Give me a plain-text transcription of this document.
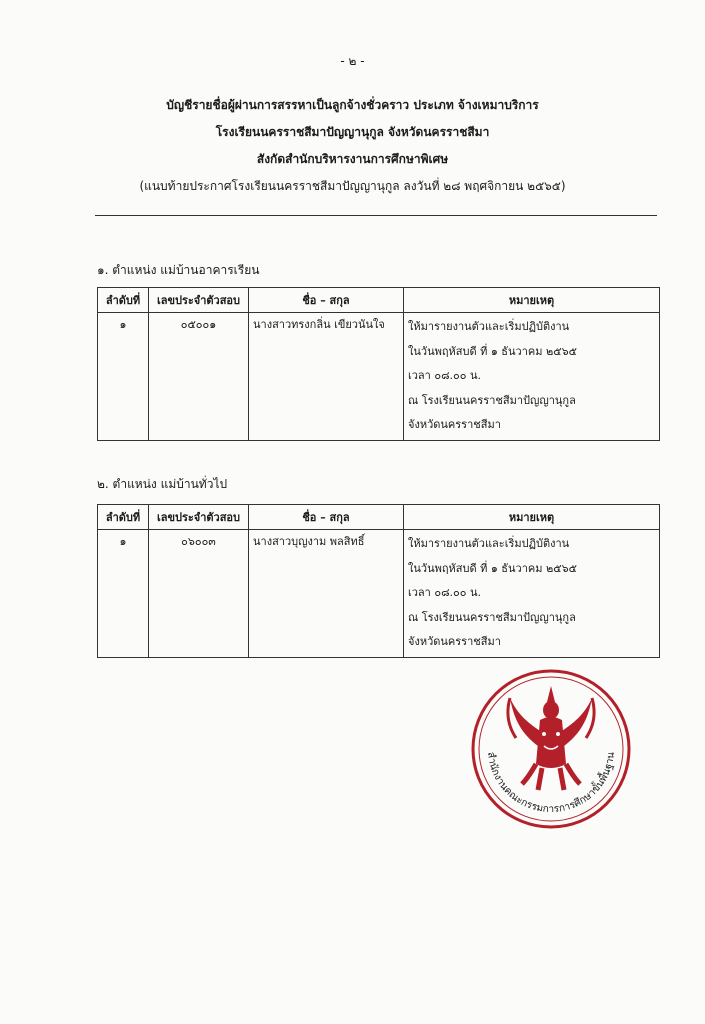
- ๒ -
บัญชีรายชื่อผู้ผ่านการสรรหาเป็นลูกจ้างชั่วคราว ประเภท จ้างเหมาบริการ
โรงเรียนนครราชสีมาปัญญานุกูล จังหวัดนครราชสีมา
สังกัดสำนักบริหารงานการศึกษาพิเศษ
(แนบท้ายประกาศโรงเรียนนครราชสีมาปัญญานุกูล ลงวันที่ ๒๘ พฤศจิกายน ๒๕๖๕)
๑. ตำแหน่ง แม่บ้านอาคารเรียน
ลำดับที่	เลขประจำตัวสอบ	ชื่อ – สกุล	หมายเหตุ
๑	๐๕๐๐๑	นางสาวทรงกลิ่น เขียวนันใจ	ให้มารายงานตัวและเริ่มปฏิบัติงาน
ในวันพฤหัสบดี ที่ ๑ ธันวาคม ๒๕๖๕
เวลา ๐๘.๐๐ น.
ณ โรงเรียนนครราชสีมาปัญญานุกูล
จังหวัดนครราชสีมา
๒. ตำแหน่ง แม่บ้านทั่วไป
ลำดับที่	เลขประจำตัวสอบ	ชื่อ – สกุล	หมายเหตุ
๑	๐๖๐๐๓	นางสาวบุญงาม พลสิทธิ์	ให้มารายงานตัวและเริ่มปฏิบัติงาน
ในวันพฤหัสบดี ที่ ๑ ธันวาคม ๒๕๖๕
เวลา ๐๘.๐๐ น.
ณ โรงเรียนนครราชสีมาปัญญานุกูล
จังหวัดนครราชสีมา
สำนักงานคณะกรรมการการศึกษาขั้นพื้นฐาน
